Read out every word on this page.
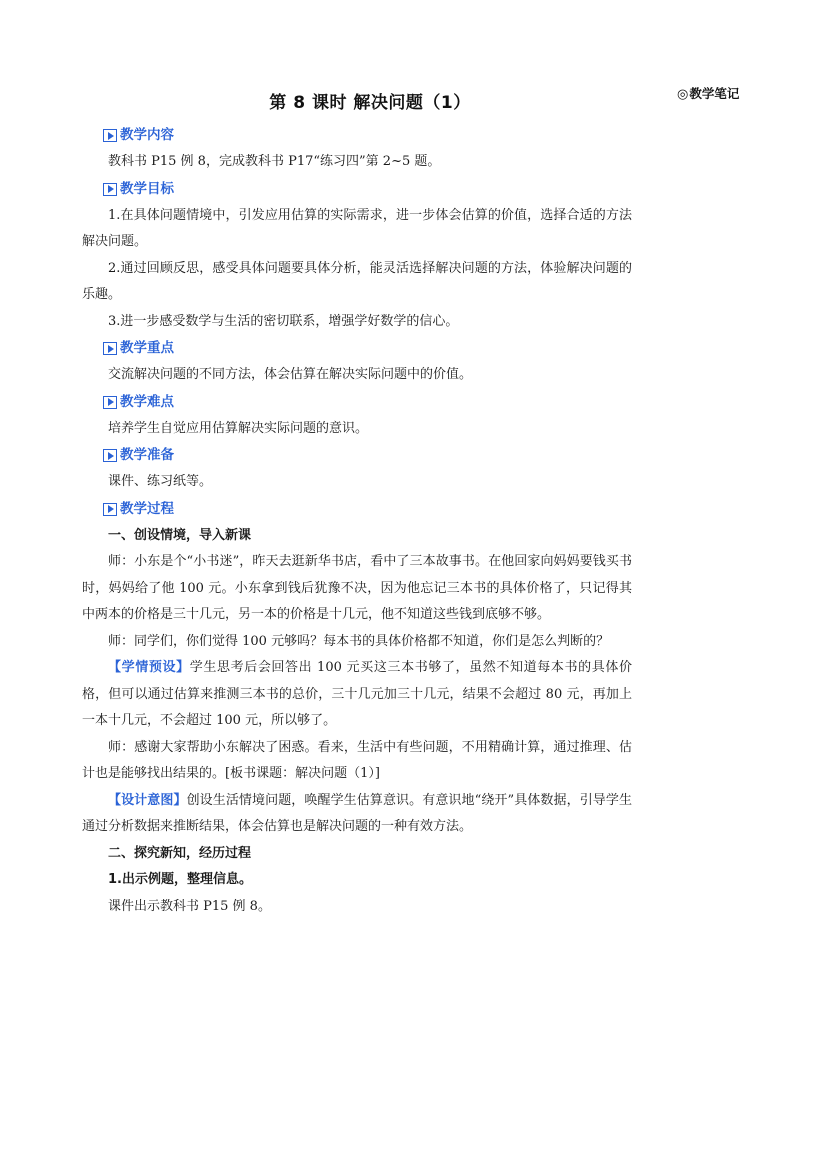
第 8 课时 解决问题（1）	◎教学笔记
教学内容

教科书 P15 例 8，完成教科书 P17“练习四”第 2~5 题。

教学目标

1.在具体问题情境中，引发应用估算的实际需求，进一步体会估算的价值，选择合适的方法解决问题。

2.通过回顾反思，感受具体问题要具体分析，能灵活选择解决问题的方法，体验解决问题的乐趣。

3.进一步感受数学与生活的密切联系，增强学好数学的信心。

教学重点

交流解决问题的不同方法，体会估算在解决实际问题中的价值。

教学难点

培养学生自觉应用估算解决实际问题的意识。

教学准备

课件、练习纸等。

教学过程

一、创设情境，导入新课

师：小东是个“小书迷”，昨天去逛新华书店，看中了三本故事书。在他回家向妈妈要钱买书时，妈妈给了他 100 元。小东拿到钱后犹豫不决，因为他忘记三本书的具体价格了，只记得其中两本的价格是三十几元，另一本的价格是十几元，他不知道这些钱到底够不够。

师：同学们，你们觉得 100 元够吗？每本书的具体价格都不知道，你们是怎么判断的？

【学情预设】学生思考后会回答出 100 元买这三本书够了，虽然不知道每本书的具体价格，但可以通过估算来推测三本书的总价，三十几元加三十几元，结果不会超过 80 元，再加上一本十几元，不会超过 100 元，所以够了。

师：感谢大家帮助小东解决了困惑。看来，生活中有些问题，不用精确计算，通过推理、估计也是能够找出结果的。[板书课题：解决问题（1）]

【设计意图】创设生活情境问题，唤醒学生估算意识。有意识地“绕开”具体数据，引导学生通过分析数据来推断结果，体会估算也是解决问题的一种有效方法。

二、探究新知，经历过程

1.出示例题，整理信息。

课件出示教科书 P15 例 8。
